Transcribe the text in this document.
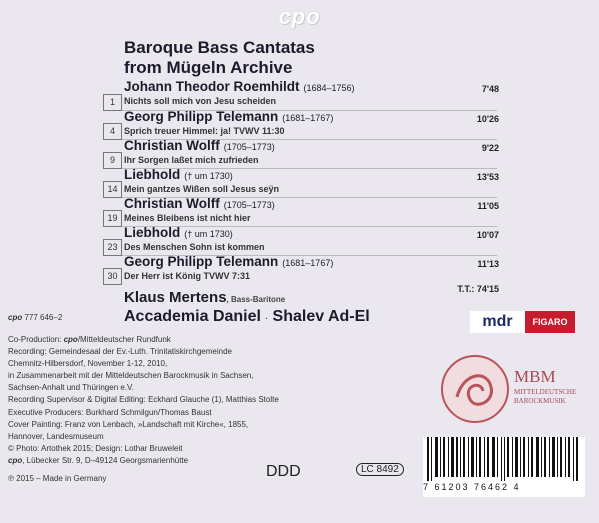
cpo
Baroque Bass Cantatas
from Mügeln Archive
1
Johann Theodor Roemhildt (1684–1756)
Nichts soll mich von Jesu scheiden
7'48
4
Georg Philipp Telemann (1681–1767)
Sprich treuer Himmel: ja! TVWV 11:30
10'26
9
Christian Wolff (1705–1773)
Ihr Sorgen laßet mich zufrieden
9'22
14
Liebhold († um 1730)
Mein gantzes Wißen soll Jesus seÿn
13'53
19
Christian Wolff (1705–1773)
Meines Bleibens ist nicht hier
11'05
23
Liebhold († um 1730)
Des Menschen Sohn ist kommen
10'07
30
Georg Philipp Telemann (1681–1767)
Der Herr ist König TVWV 7:31
11'13
T.T.: 74'15
Klaus Mertens, Bass-Baritone
Accademia Daniel · Shalev Ad-El
cpo 777 646–2
Co-Production: cpo/Mitteldeutscher Rundfunk
Recording: Gemeindesaal der Ev.-Luth. Trinitatiskirchgemeinde
Chemnitz-Hilbersdorf, November 1-12, 2010,
in Zusammenarbeit mit der Mitteldeutschen Barockmusik in Sachsen,
Sachsen-Anhalt und Thüringen e.V.
Recording Supervisor & Digital Editing: Eckhard Glauche (1), Matthias Stolte
Executive Producers: Burkhard Schmilgun/Thomas Baust
Cover Painting: Franz von Lenbach, »Landschaft mit Kirche«, 1855,
Hannover, Landesmuseum
© Photo: Artothek 2015; Design: Lothar Bruweleit
cpo, Lübecker Str. 9, D–49124 Georgsmarienhütte
℗ 2015 – Made in Germany
mdr	FIGARO
MBM
MITTELDEUTSCHE
BAROCKMUSIK
DDD	LC 8492
7 61203 76462 4
